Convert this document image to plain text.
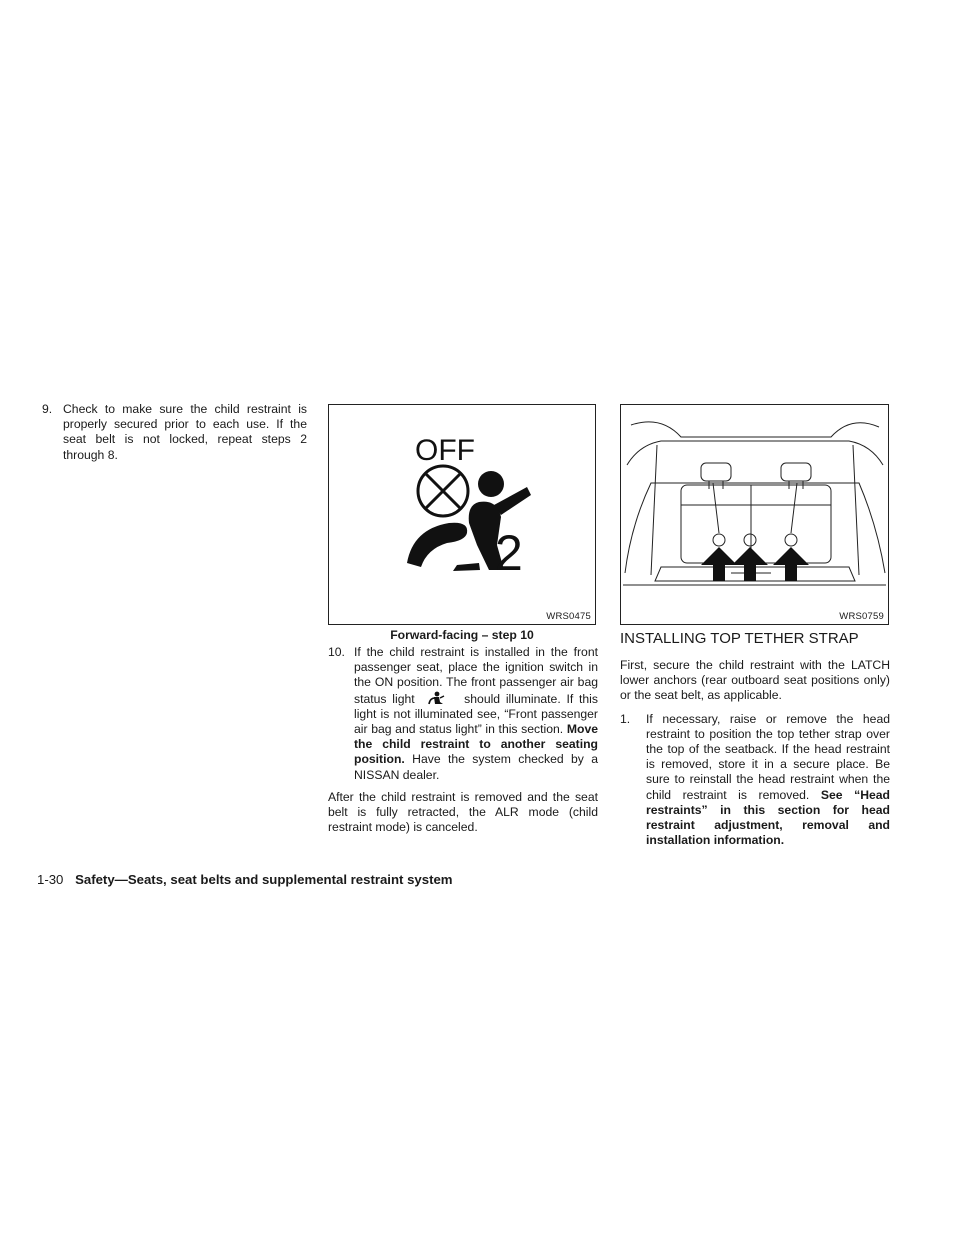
9. Check to make sure the child restraint is properly secured prior to each use. If the seat belt is not locked, repeat steps 2 through 8.	OFF
2
WRS0475
Forward-facing – step 10
10. If the child restraint is installed in the front passenger seat, place the ignition switch in the ON position. The front passenger air bag status light	should illuminate. If this light is not illuminated see, “Front passenger air bag and status light” in this section. Move the child restraint to another seating position. Have the system checked by a NISSAN dealer.

After the child restraint is removed and the seat belt is fully retracted, the ALR mode (child restraint mode) is canceled.

WRS0759
INSTALLING TOP TETHER STRAP

First, secure the child restraint with the LATCH lower anchors (rear outboard seat positions only) or the seat belt, as applicable.

1. If necessary, raise or remove the head restraint to position the top tether strap over the top of the seatback. If the head restraint is removed, store it in a secure place. Be sure to reinstall the head restraint when the child restraint is removed. See “Head restraints” in this section for head restraint adjustment, removal and installation information.
1-30 Safety—Seats, seat belts and supplemental restraint system
